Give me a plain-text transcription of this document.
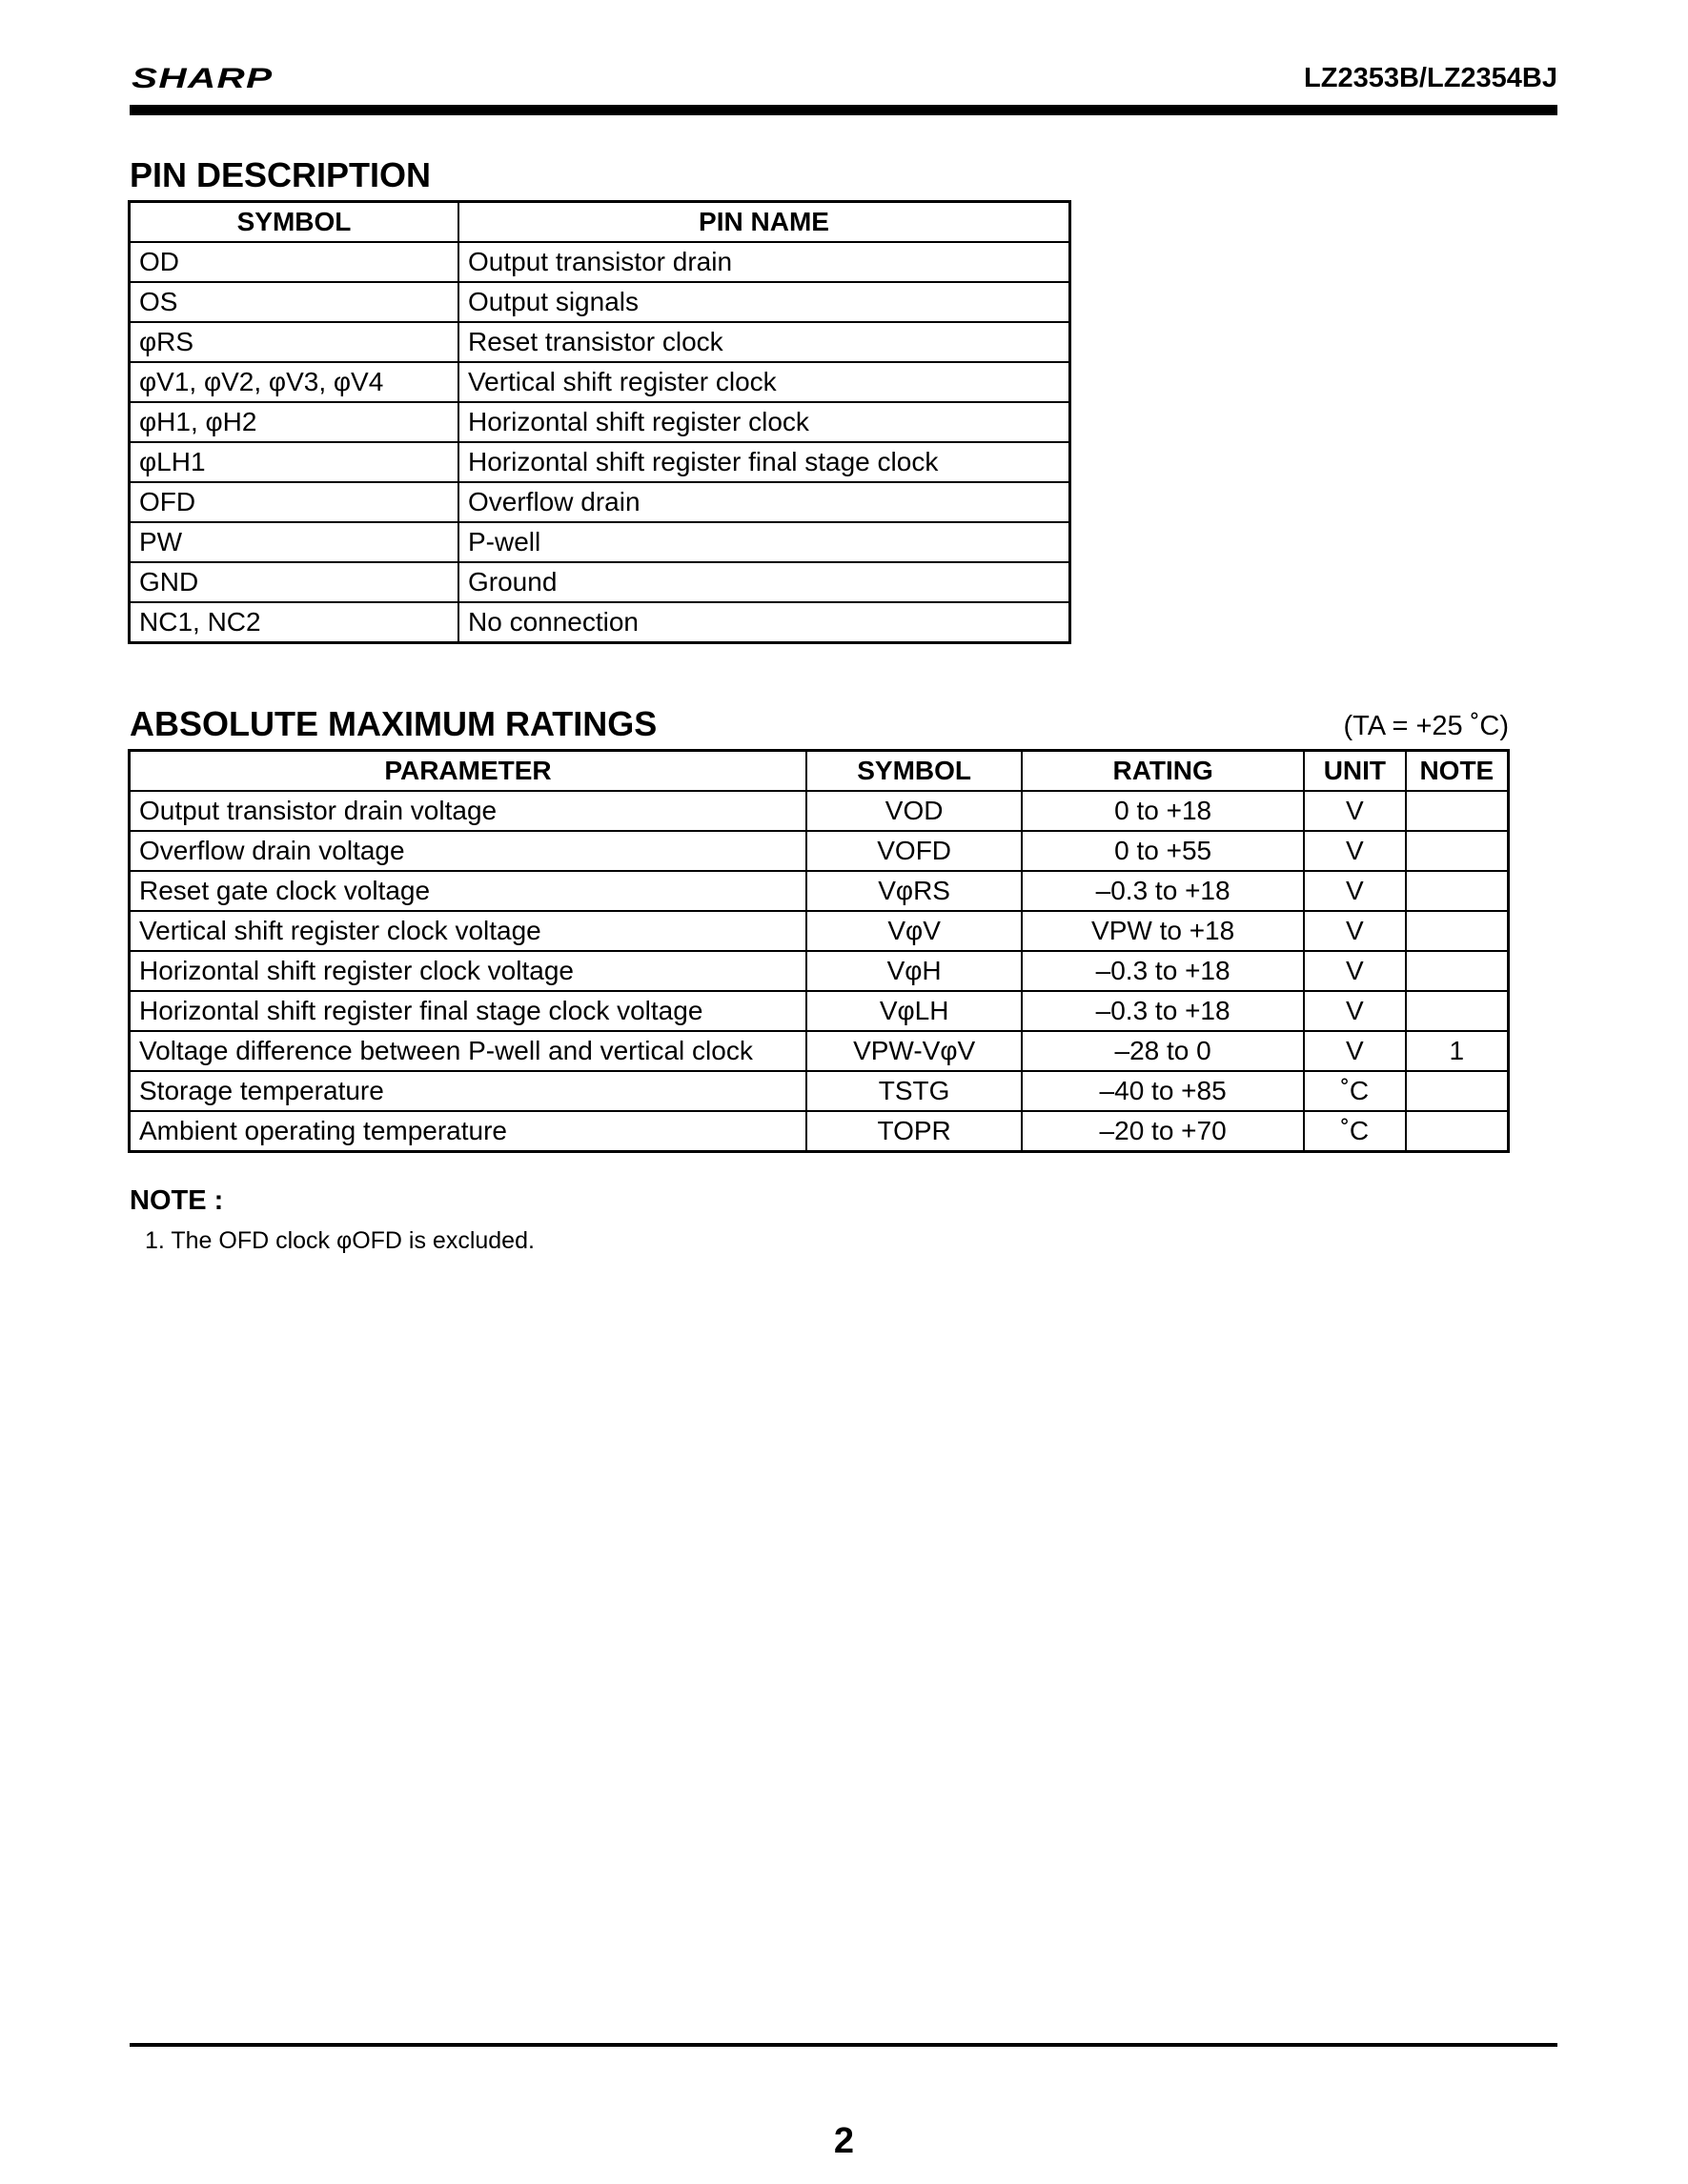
SHARP	LZ2353B/LZ2354BJ
PIN DESCRIPTION
SYMBOL	PIN NAME
OD	Output transistor drain
OS	Output signals
φRS	Reset transistor clock
φV1, φV2, φV3, φV4	Vertical shift register clock
φH1, φH2	Horizontal shift register clock
φLH1	Horizontal shift register final stage clock
OFD	Overflow drain
PW	P-well
GND	Ground
NC1, NC2	No connection
ABSOLUTE MAXIMUM RATINGS	(TA = +25 ˚C)
PARAMETER	SYMBOL	RATING	UNIT	NOTE
Output transistor drain voltage	VOD	0 to +18	V	
Overflow drain voltage	VOFD	0 to +55	V	
Reset gate clock voltage	VφRS	–0.3 to +18	V	
Vertical shift register clock voltage	VφV	VPW to +18	V	
Horizontal shift register clock voltage	VφH	–0.3 to +18	V	
Horizontal shift register final stage clock voltage	VφLH	–0.3 to +18	V	
Voltage difference between P-well and vertical clock	VPW-VφV	–28 to 0	V	1
Storage temperature	TSTG	–40 to +85	˚C	
Ambient operating temperature	TOPR	–20 to +70	˚C	
NOTE :
1. The OFD clock φOFD is excluded.
2
